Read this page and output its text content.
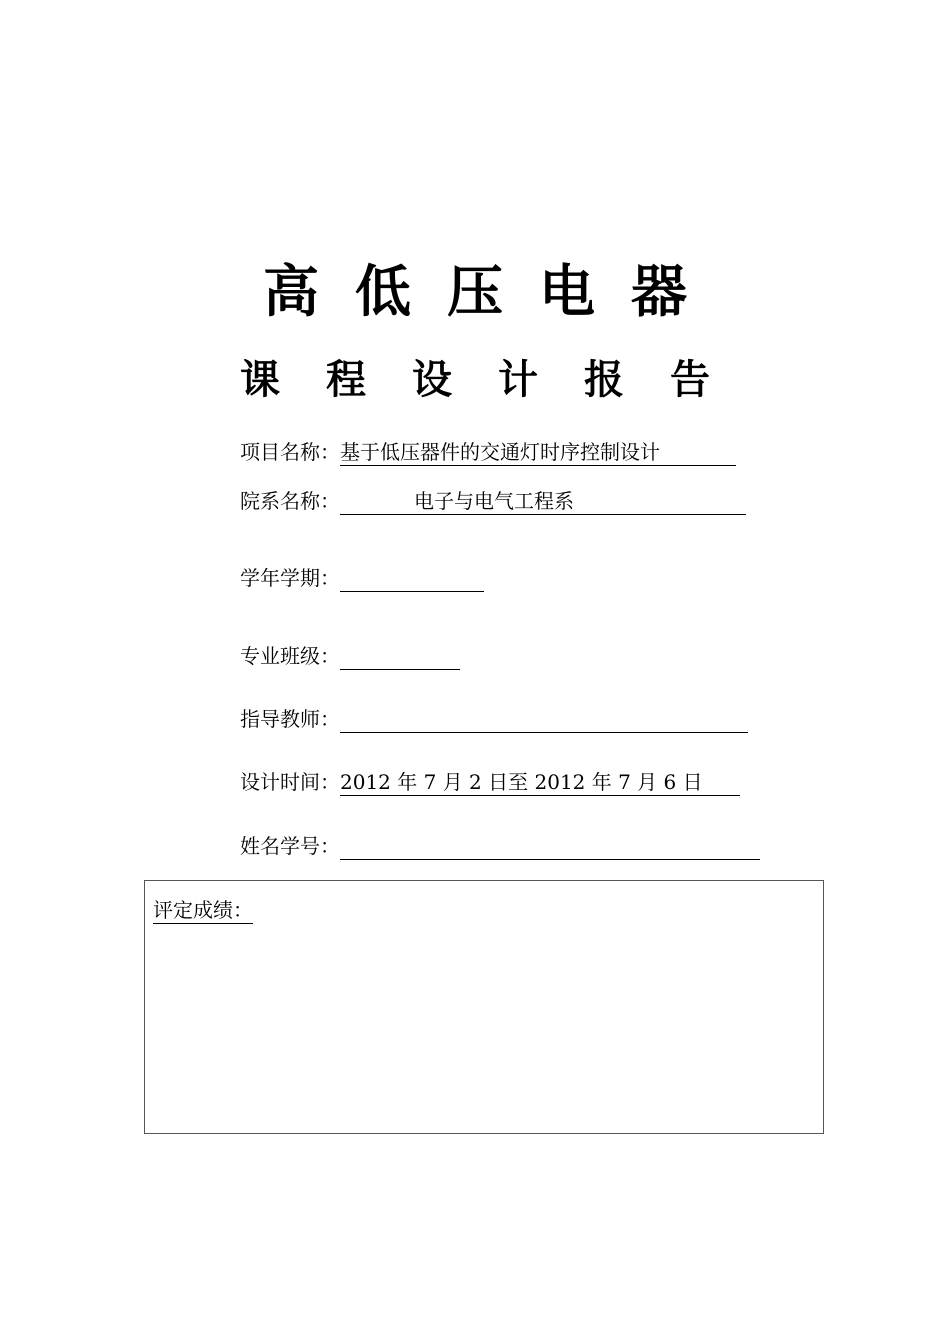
高低压电器
课程设计报告
项目名称 ： 基于低压器件的交通灯时序控制设计
院系名称 ：	电子与电气工程系
学年学期 ：
专业班级 ：
指导教师 ：
设计时间 ： 2012 年 7 月 2 日至 2012 年 7 月 6 日
姓名学号 ：
评定成绩：
